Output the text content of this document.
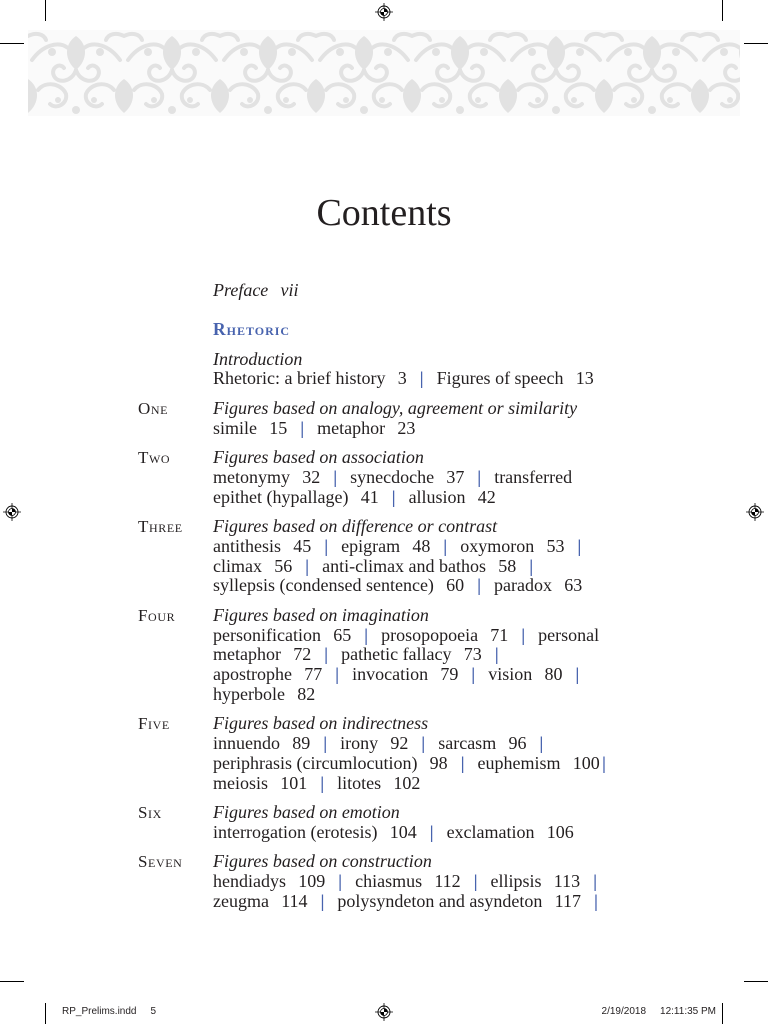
Contents
Preface vii
Rhetoric
Introduction
Rhetoric: a brief history 3 | Figures of speech 13
One	Figures based on analogy, agreement or similarity
simile 15 | metaphor 23
Two	Figures based on association
metonymy 32 | synecdoche 37 | transferred
epithet (hypallage) 41 | allusion 42
Three	Figures based on difference or contrast
antithesis 45 | epigram 48 | oxymoron 53 |
climax 56 | anti-climax and bathos 58 |
syllepsis (condensed sentence) 60 | paradox 63
Four	Figures based on imagination
personification 65 | prosopopoeia 71 | personal
metaphor 72 | pathetic fallacy 73 |
apostrophe 77 | invocation 79 | vision 80 |
hyperbole 82
Five	Figures based on indirectness
innuendo 89 | irony 92 | sarcasm 96 |
periphrasis (circumlocution) 98 | euphemism 100 |
meiosis 101 | litotes 102
Six	Figures based on emotion
interrogation (erotesis) 104 | exclamation 106
Seven	Figures based on construction
hendiadys 109 | chiasmus 112 | ellipsis 113 |
zeugma 114 | polysyndeton and asyndeton 117 |
RP_Prelims.indd 5	2/19/2018 12:11:35 PM
